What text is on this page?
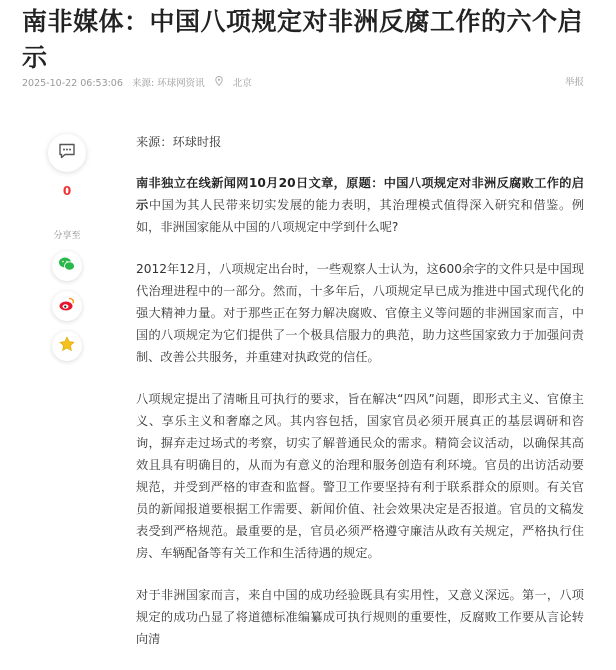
南非媒体：中国八项规定对非洲反腐工作的六个启示
2025-10-22 06:53:06 来源: 环球网资讯	北京	举报
0
分享至

来源：环球时报

南非独立在线新闻网10月20日文章，原题：中国八项规定对非洲反腐败工作的启示中国为其人民带来切实发展的能力表明，其治理模式值得深入研究和借鉴。例如，非洲国家能从中国的八项规定中学到什么呢?

2012年12月，八项规定出台时，一些观察人士认为，这600余字的文件只是中国现代治理进程中的一部分。然而，十多年后，八项规定早已成为推进中国式现代化的强大精神力量。对于那些正在努力解决腐败、官僚主义等问题的非洲国家而言，中国的八项规定为它们提供了一个极具信服力的典范，助力这些国家致力于加强问责制、改善公共服务，并重建对执政党的信任。

八项规定提出了清晰且可执行的要求，旨在解决“四风”问题，即形式主义、官僚主义、享乐主义和奢靡之风。其内容包括，国家官员必须开展真正的基层调研和咨询，摒弃走过场式的考察，切实了解普通民众的需求。精简会议活动，以确保其高效且具有明确目的，从而为有意义的治理和服务创造有利环境。官员的出访活动要规范，并受到严格的审查和监督。警卫工作要坚持有利于联系群众的原则。有关官员的新闻报道要根据工作需要、新闻价值、社会效果决定是否报道。官员的文稿发表受到严格规范。最重要的是，官员必须严格遵守廉洁从政有关规定，严格执行住房、车辆配备等有关工作和生活待遇的规定。

对于非洲国家而言，来自中国的成功经验既具有实用性，又意义深远。第一，八项规定的成功凸显了将道德标准编纂成可执行规则的重要性，反腐败工作要从言论转向清
